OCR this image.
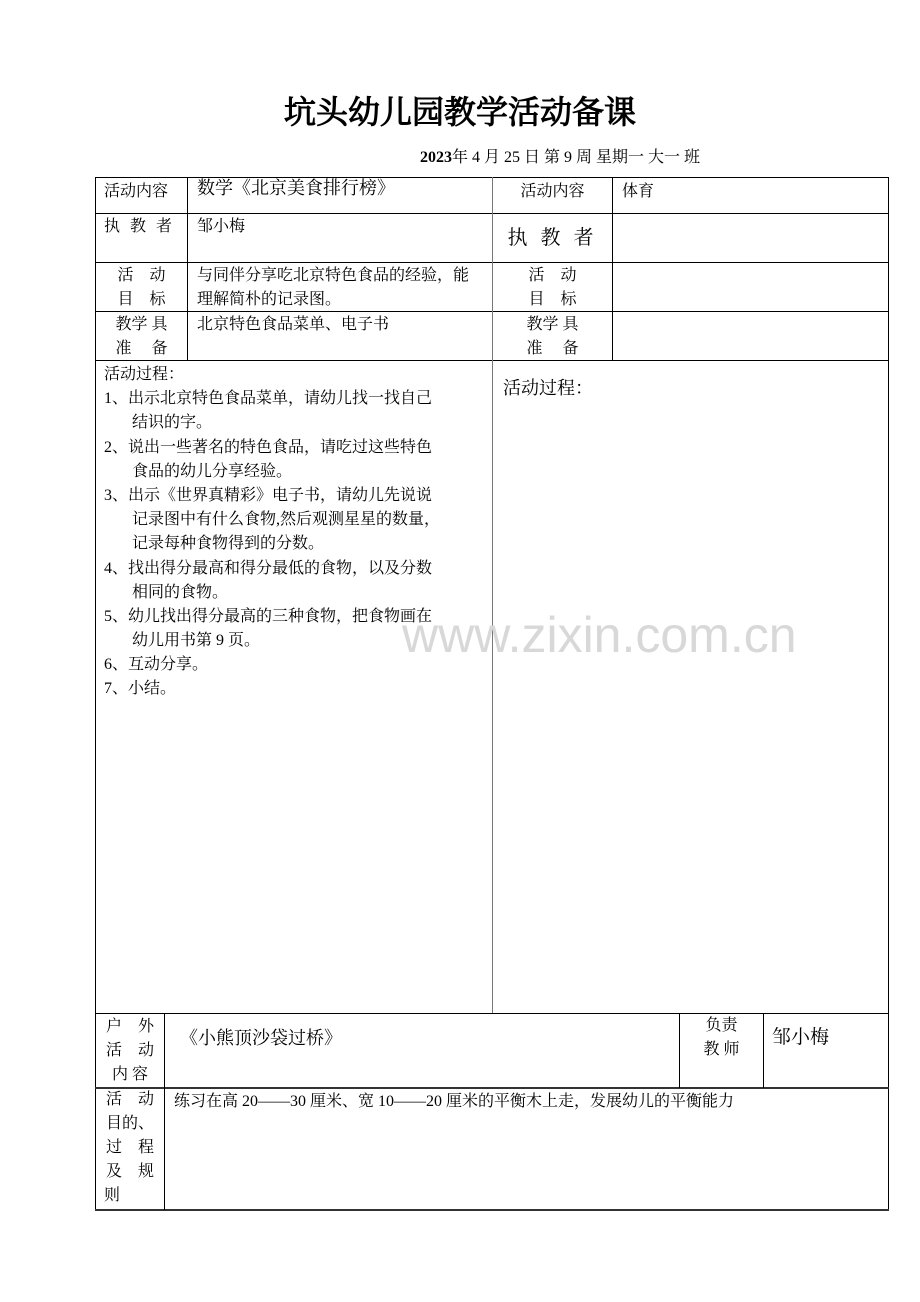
坑头幼儿园教学活动备课
2023年 4 月 25 日 第 9 周 星期一 大一 班
活动内容 数学《北京美食排行榜》
执 教 者 邹小梅
活　动
目　标
与同伴分享吃北京特色食品的经验，能
理解简朴的记录图。
教学 具
准　 备
北京特色食品菜单、电子书
活动过程：
1、出示北京特色食品菜单，请幼儿找一找自己
结识的字。
2、说出一些著名的特色食品，请吃过这些特色
食品的幼儿分享经验。
3、出示《世界真精彩》电子书，请幼儿先说说
记录图中有什么食物,然后观测星星的数量，
记录每种食物得到的分数。
4、找出得分最高和得分最低的食物，以及分数
相同的食物。
5、幼儿找出得分最高的三种食物，把食物画在
幼儿用书第 9 页。
6、互动分享。
7、小结。
活动内容	体育
执 教 者
活　动
目　标
教学 具
准　 备
活动过程：
www.zixin.com.cn
户　外
活　动
内 容
《小熊顶沙袋过桥》
负责
教 师
邹小梅
活　动
目的、
过　程
及　规
则
练习在高 20——30 厘米、宽 10——20 厘米的平衡木上走，发展幼儿的平衡能力
